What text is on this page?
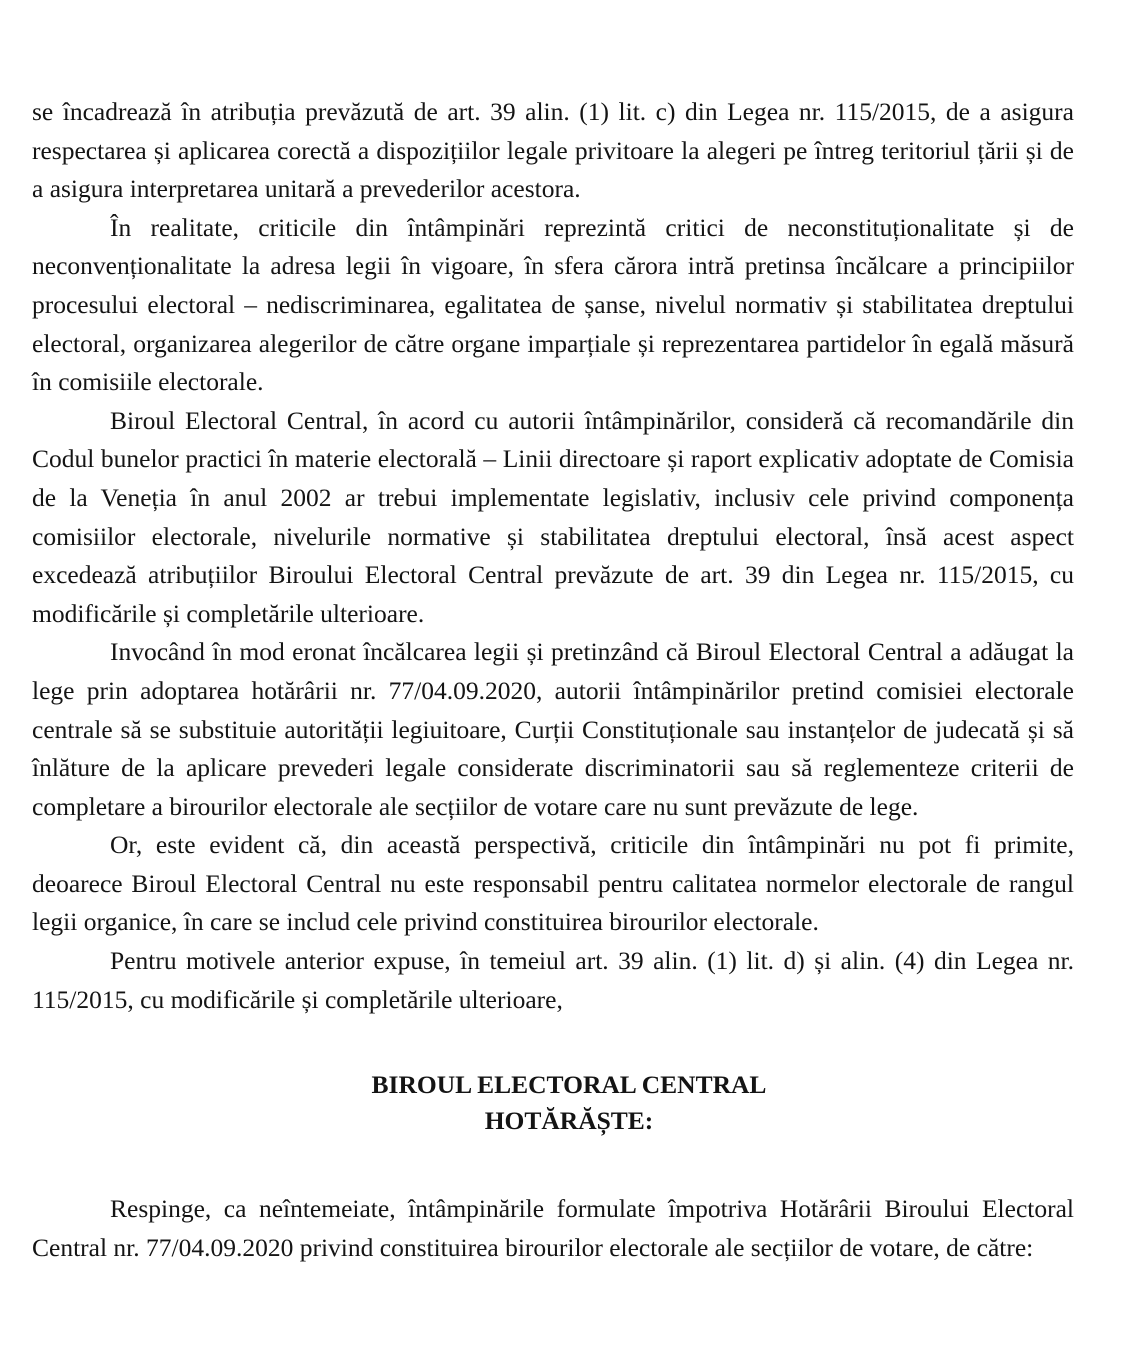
se încadrează în atribuția prevăzută de art. 39 alin. (1) lit. c) din Legea nr. 115/2015, de a asigura respectarea și aplicarea corectă a dispozițiilor legale privitoare la alegeri pe întreg teritoriul țării și de a asigura interpretarea unitară a prevederilor acestora.

În realitate, criticile din întâmpinări reprezintă critici de neconstituționalitate și de neconvenționalitate la adresa legii în vigoare, în sfera cărora intră pretinsa încălcare a principiilor procesului electoral – nediscriminarea, egalitatea de șanse, nivelul normativ și stabilitatea dreptului electoral, organizarea alegerilor de către organe imparțiale și reprezentarea partidelor în egală măsură în comisiile electorale.

Biroul Electoral Central, în acord cu autorii întâmpinărilor, consideră că recomandările din Codul bunelor practici în materie electorală – Linii directoare și raport explicativ adoptate de Comisia de la Veneția în anul 2002 ar trebui implementate legislativ, inclusiv cele privind componența comisiilor electorale, nivelurile normative și stabilitatea dreptului electoral, însă acest aspect excedează atribuțiilor Biroului Electoral Central prevăzute de art. 39 din Legea nr. 115/2015, cu modificările și completările ulterioare.

Invocând în mod eronat încălcarea legii și pretinzând că Biroul Electoral Central a adăugat la lege prin adoptarea hotărârii nr. 77/04.09.2020, autorii întâmpinărilor pretind comisiei electorale centrale să se substituie autorității legiuitoare, Curții Constituționale sau instanțelor de judecată și să înlăture de la aplicare prevederi legale considerate discriminatorii sau să reglementeze criterii de completare a birourilor electorale ale secțiilor de votare care nu sunt prevăzute de lege.

Or, este evident că, din această perspectivă, criticile din întâmpinări nu pot fi primite, deoarece Biroul Electoral Central nu este responsabil pentru calitatea normelor electorale de rangul legii organice, în care se includ cele privind constituirea birourilor electorale.

Pentru motivele anterior expuse, în temeiul art. 39 alin. (1) lit. d) și alin. (4) din Legea nr. 115/2015, cu modificările și completările ulterioare,

BIROUL ELECTORAL CENTRAL

HOTĂRĂȘTE:

Respinge, ca neîntemeiate, întâmpinările formulate împotriva Hotărârii Biroului Electoral Central nr. 77/04.09.2020 privind constituirea birourilor electorale ale secțiilor de votare, de către:
